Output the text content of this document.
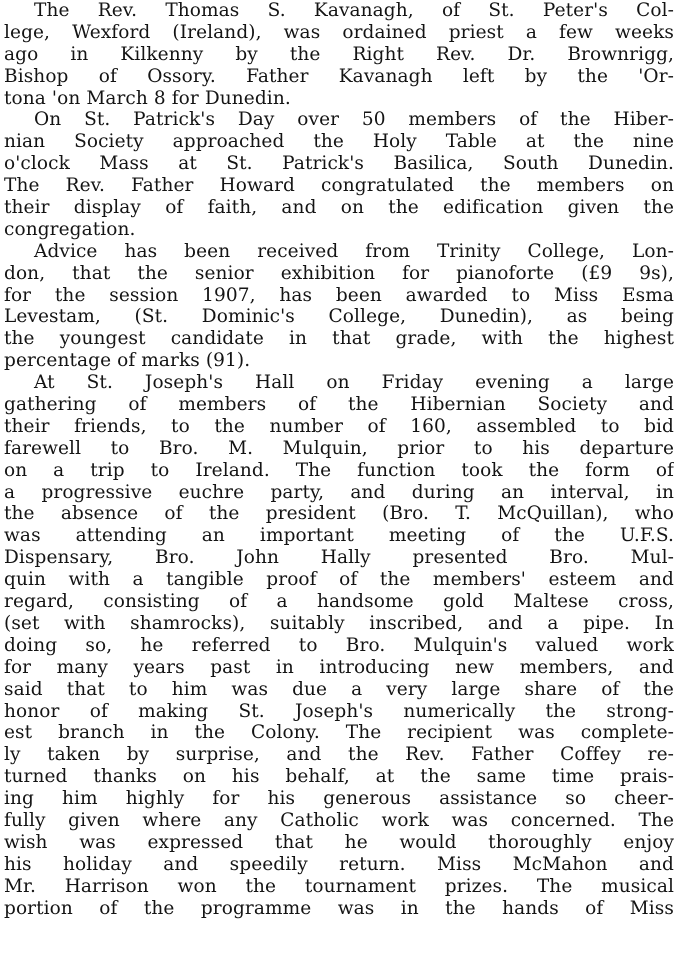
The Rev. Thomas S. Kavanagh, of St. Peter's Col-
lege, Wexford (Ireland), was ordained priest a few weeks
ago in Kilkenny by the Right Rev. Dr. Brownrigg,
Bishop of Ossory. Father Kavanagh left by the 'Or-
tona 'on March 8 for Dunedin.
On St. Patrick's Day over 50 members of the Hiber-
nian Society approached the Holy Table at the nine
o'clock Mass at St. Patrick's Basilica, South Dunedin.
The Rev. Father Howard congratulated the members on
their display of faith, and on the edification given the
congregation.
Advice has been received from Trinity College, Lon-
don, that the senior exhibition for pianoforte (£9 9s),
for the session 1907, has been awarded to Miss Esma
Levestam, (St. Dominic's College, Dunedin), as being
the youngest candidate in that grade, with the highest
percentage of marks (91).
At St. Joseph's Hall on Friday evening a large
gathering of members of the Hibernian Society and
their friends, to the number of 160, assembled to bid
farewell to Bro. M. Mulquin, prior to his departure
on a trip to Ireland. The function took the form of
a progressive euchre party, and during an interval, in
the absence of the president (Bro. T. McQuillan), who
was attending an important meeting of the U.F.S.
Dispensary, Bro. John Hally presented Bro. Mul-
quin with a tangible proof of the members' esteem and
regard, consisting of a handsome gold Maltese cross,
(set with shamrocks), suitably inscribed, and a pipe. In
doing so, he referred to Bro. Mulquin's valued work
for many years past in introducing new members, and
said that to him was due a very large share of the
honor of making St. Joseph's numerically the strong-
est branch in the Colony. The recipient was complete-
ly taken by surprise, and the Rev. Father Coffey re-
turned thanks on his behalf, at the same time prais-
ing him highly for his generous assistance so cheer-
fully given where any Catholic work was concerned. The
wish was expressed that he would thoroughly enjoy
his holiday and speedily return. Miss McMahon and
Mr. Harrison won the tournament prizes. The musical
portion of the programme was in the hands of Miss
